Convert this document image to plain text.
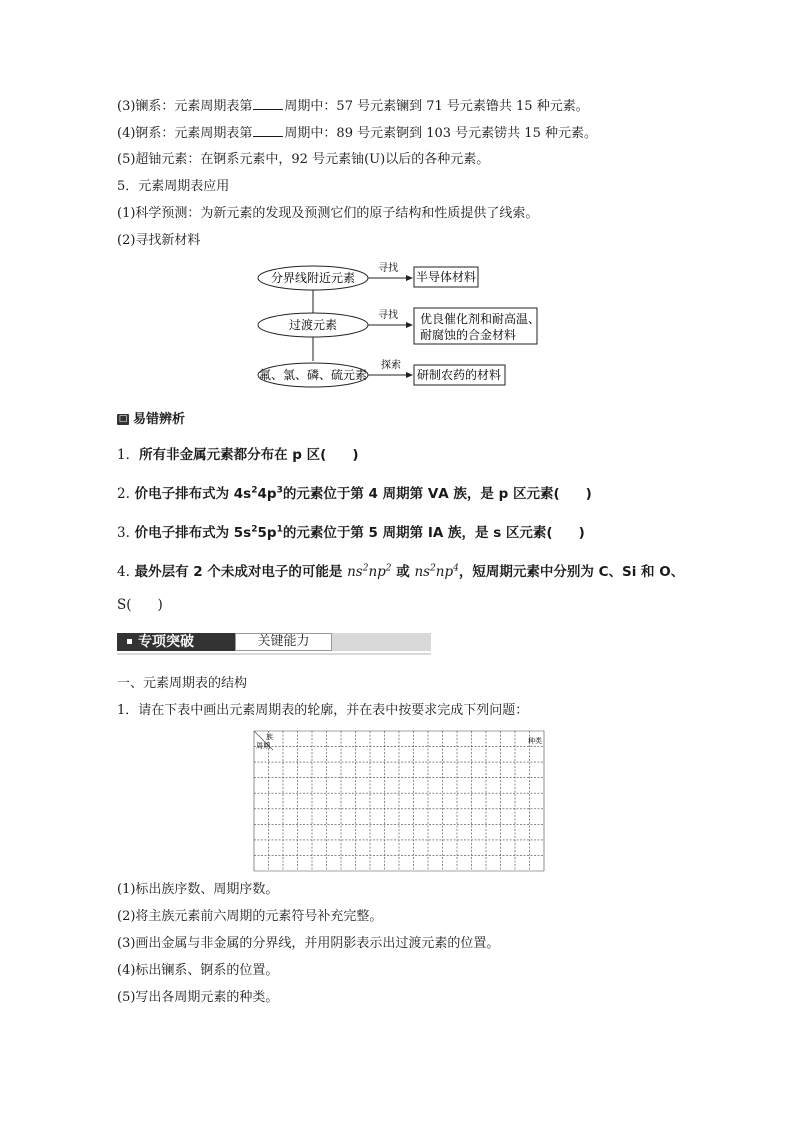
(3)镧系：元素周期表第 周期中：57 号元素镧到 71 号元素镥共 15 种元素。
(4)锕系：元素周期表第 周期中：89 号元素锕到 103 号元素铹共 15 种元素。
(5)超铀元素：在锕系元素中，92 号元素铀(U)以后的各种元素。
5．元素周期表应用
(1)科学预测：为新元素的发现及预测它们的原子结构和性质提供了线索。
(2)寻找新材料
分界线附近元素
过渡元素
氟、氯、磷、硫元素
寻找
寻找
探索
半导体材料
优良催化剂和耐高温、
耐腐蚀的合金材料
研制农药的材料
□ 易错辨析
1．所有非金属元素都分布在 p 区( )
2. 价电子排布式为 $4s^24p^3$的元素位于第 4 周期第 ⅤA 族，是 p 区元素( )
3. 价电子排布式为 $5s^25p^1$的元素位于第 5 周期第 ⅠA 族，是 s 区元素( )
4. 最外层有 2 个未成对电子的可能是 $ns^2np^2$ 或 $ns^2np^4$，短周期元素中分别为 C、Si 和 O、
S( )
专项突破	关键能力
一、元素周期表的结构
1．请在下表中画出元素周期表的轮廓，并在表中按要求完成下列问题：
族
周期
种类
(1)标出族序数、周期序数。
(2)将主族元素前六周期的元素符号补充完整。
(3)画出金属与非金属的分界线，并用阴影表示出过渡元素的位置。
(4)标出镧系、锕系的位置。
(5)写出各周期元素的种类。
